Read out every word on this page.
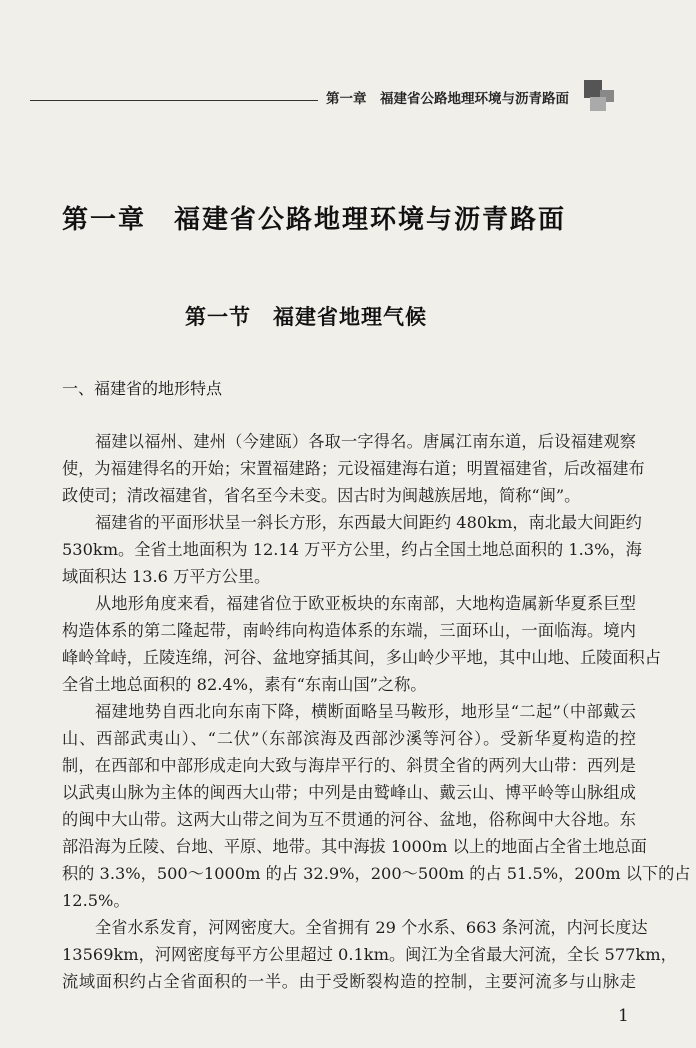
第一章　福建省公路地理环境与沥青路面
第一章　福建省公路地理环境与沥青路面
第一节　福建省地理气候
一、福建省的地形特点
福建以福州、建州（今建瓯）各取一字得名。唐属江南东道，后设福建观察
使，为福建得名的开始；宋置福建路；元设福建海右道；明置福建省，后改福建布
政使司；清改福建省，省名至今未变。因古时为闽越族居地，简称“闽”。
福建省的平面形状呈一斜长方形，东西最大间距约 480km，南北最大间距约
530km。全省土地面积为 12.14 万平方公里，约占全国土地总面积的 1.3%，海
域面积达 13.6 万平方公里。
从地形角度来看，福建省位于欧亚板块的东南部，大地构造属新华夏系巨型
构造体系的第二隆起带，南岭纬向构造体系的东端，三面环山，一面临海。境内
峰岭耸峙，丘陵连绵，河谷、盆地穿插其间，多山岭少平地，其中山地、丘陵面积占
全省土地总面积的 82.4%，素有“东南山国”之称。
福建地势自西北向东南下降，横断面略呈马鞍形，地形呈“二起”（中部戴云
山、西部武夷山）、“二伏”（东部滨海及西部沙溪等河谷）。受新华夏构造的控
制，在西部和中部形成走向大致与海岸平行的、斜贯全省的两列大山带：西列是
以武夷山脉为主体的闽西大山带；中列是由鹫峰山、戴云山、博平岭等山脉组成
的闽中大山带。这两大山带之间为互不贯通的河谷、盆地，俗称闽中大谷地。东
部沿海为丘陵、台地、平原、地带。其中海拔 1000m 以上的地面占全省土地总面
积的 3.3%，500～1000m 的占 32.9%，200～500m 的占 51.5%，200m 以下的占
12.5%。
全省水系发育，河网密度大。全省拥有 29 个水系、663 条河流，内河长度达
13569km，河网密度每平方公里超过 0.1km。闽江为全省最大河流，全长 577km，
流域面积约占全省面积的一半。由于受断裂构造的控制，主要河流多与山脉走
1
